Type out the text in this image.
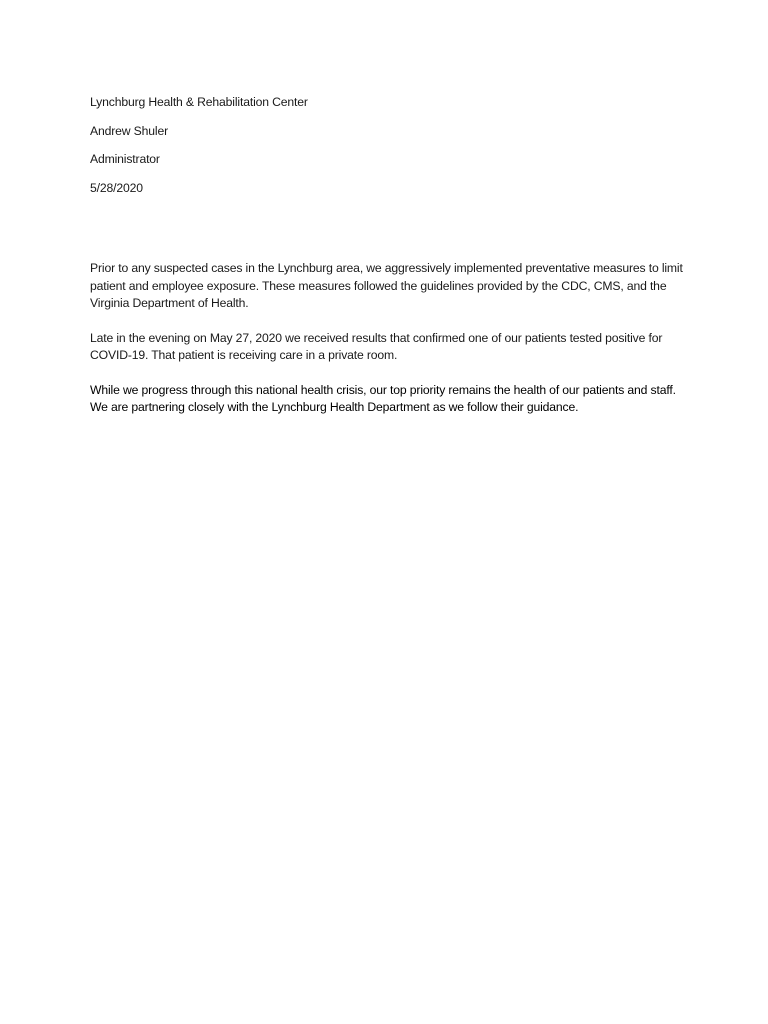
Lynchburg Health & Rehabilitation Center
Andrew Shuler
Administrator
5/28/2020

Prior to any suspected cases in the Lynchburg area, we aggressively implemented preventative measures to limit patient and employee exposure. These measures followed the guidelines provided by the CDC, CMS, and the Virginia Department of Health.

Late in the evening on May 27, 2020 we received results that confirmed one of our patients tested positive for COVID-19. That patient is receiving care in a private room.

While we progress through this national health crisis, our top priority remains the health of our patients and staff. We are partnering closely with the Lynchburg Health Department as we follow their guidance.
